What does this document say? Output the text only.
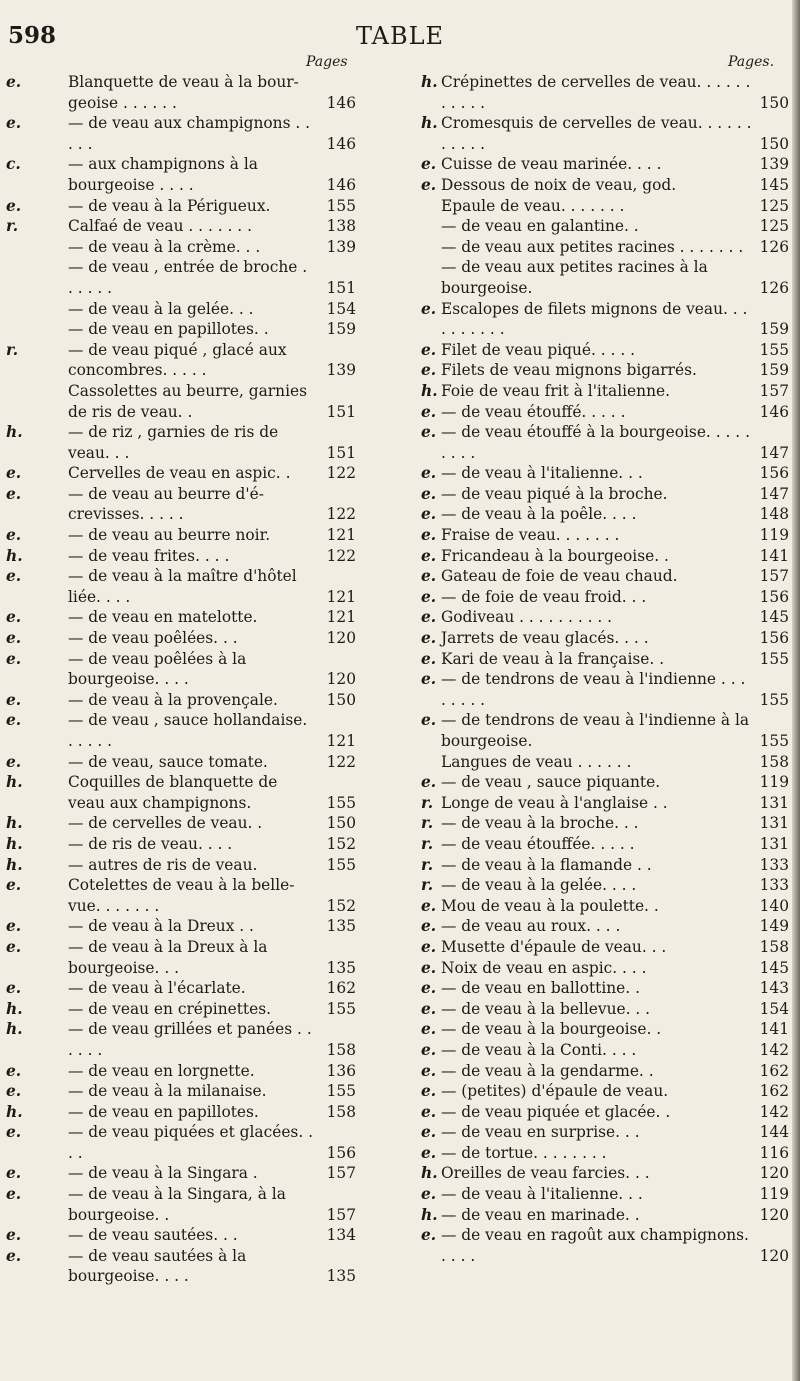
598	TABLE
Pages	Pages.
e.	Blanquette de veau à la bourgeoise . . . . . .	146
e.	— de veau aux champignons . . . . .	146
c.	— aux champignons à la bourgeoise . . . .	146
e.	— de veau à la Périgueux.	155
r.	Calfaé de veau . . . . . . .	138
— de veau à la crème. . .	139
— de veau , entrée de broche . . . . . .	151
— de veau à la gelée. . .	154
— de veau en papillotes. .	159
r.	— de veau piqué , glacé aux concombres. . . . .	139
Cassolettes au beurre, garnies de ris de veau. .	151
h.	— de riz , garnies de ris de veau. . .	151
e.	Cervelles de veau en aspic. .	122
e.	— de veau au beurre d'écrevisses. . . . .	122
e.	— de veau au beurre noir.	121
h.	— de veau frites. . . .	122
e.	— de veau à la maître d'hôtel liée. . . .	121
e.	— de veau en matelotte.	121
e.	— de veau poêlées. . .	120
e.	— de veau poêlées à la bourgeoise. . . .	120
e.	— de veau à la provençale.	150
e.	— de veau , sauce hollandaise. . . . . .	121
e.	— de veau, sauce tomate.	122
h.	Coquilles de blanquette de veau aux champignons.	155
h.	— de cervelles de veau. .	150
h.	— de ris de veau. . . .	152
h.	— autres de ris de veau.	155
e.	Cotelettes de veau à la bellevue. . . . . . .	152
e.	— de veau à la Dreux . .	135
e.	— de veau à la Dreux à la bourgeoise. . .	135
e.	— de veau à l'écarlate.	162
h.	— de veau en crépinettes.	155
h.	— de veau grillées et panées . . . . . .	158
e.	— de veau en lorgnette.	136
e.	— de veau à la milanaise.	155
h.	— de veau en papillotes.	158
e.	— de veau piquées et glacées. . . .	156
e.	— de veau à la Singara .	157
e.	— de veau à la Singara, à la bourgeoise. .	157
e.	— de veau sautées. . .	134
e.	— de veau sautées à la bourgeoise. . . .	135
h. Crépinettes de cervelles de veau. . . . . . . . . . .	150
h. Cromesquis de cervelles de veau. . . . . . . . . . .	150
e. Cuisse de veau marinée. . . .	139
e. Dessous de noix de veau, god.	145
Epaule de veau. . . . . . .	125
— de veau en galantine. .	125
— de veau aux petites racines . . . . . . .	126
— de veau aux petites racines à la bourgeoise.	126
e. Escalopes de filets mignons de veau. . . . . . . . . .	159
e. Filet de veau piqué. . . . .	155
e. Filets de veau mignons bigarrés.	159
h. Foie de veau frit à l'italienne.	157
e. — de veau étouffé. . . . .	146
e. — de veau étouffé à la bourgeoise. . . . . . . . .	147
e. — de veau à l'italienne. . .	156
e. — de veau piqué à la broche.	147
e. — de veau à la poêle. . . .	148
e. Fraise de veau. . . . . . .	119
e. Fricandeau à la bourgeoise. .	141
e. Gateau de foie de veau chaud.	157
e. — de foie de veau froid. . .	156
e. Godiveau . . . . . . . . . .	145
e. Jarrets de veau glacés. . . .	156
e. Kari de veau à la française. .	155
e. — de tendrons de veau à l'indienne . . . . . . . .	155
e. — de tendrons de veau à l'indienne à la bourgeoise.	155
Langues de veau . . . . . .	158
e. — de veau , sauce piquante.	119
r. Longe de veau à l'anglaise . .	131
r. — de veau à la broche. . .	131
r. — de veau étouffée. . . . .	131
r. — de veau à la flamande . .	133
r. — de veau à la gelée. . . .	133
e. Mou de veau à la poulette. .	140
e. — de veau au roux. . . .	149
e. Musette d'épaule de veau. . .	158
e. Noix de veau en aspic. . . .	145
e. — de veau en ballottine. .	143
e. — de veau à la bellevue. . .	154
e. — de veau à la bourgeoise. .	141
e. — de veau à la Conti. . . .	142
e. — de veau à la gendarme. .	162
e. — (petites) d'épaule de veau.	162
e. — de veau piquée et glacée. .	142
e. — de veau en surprise. . .	144
e. — de tortue. . . . . . . .	116
h. Oreilles de veau farcies. . .	120
e. — de veau à l'italienne. . .	119
h. — de veau en marinade. .	120
e. — de veau en ragoût aux champignons. . . . .	120
